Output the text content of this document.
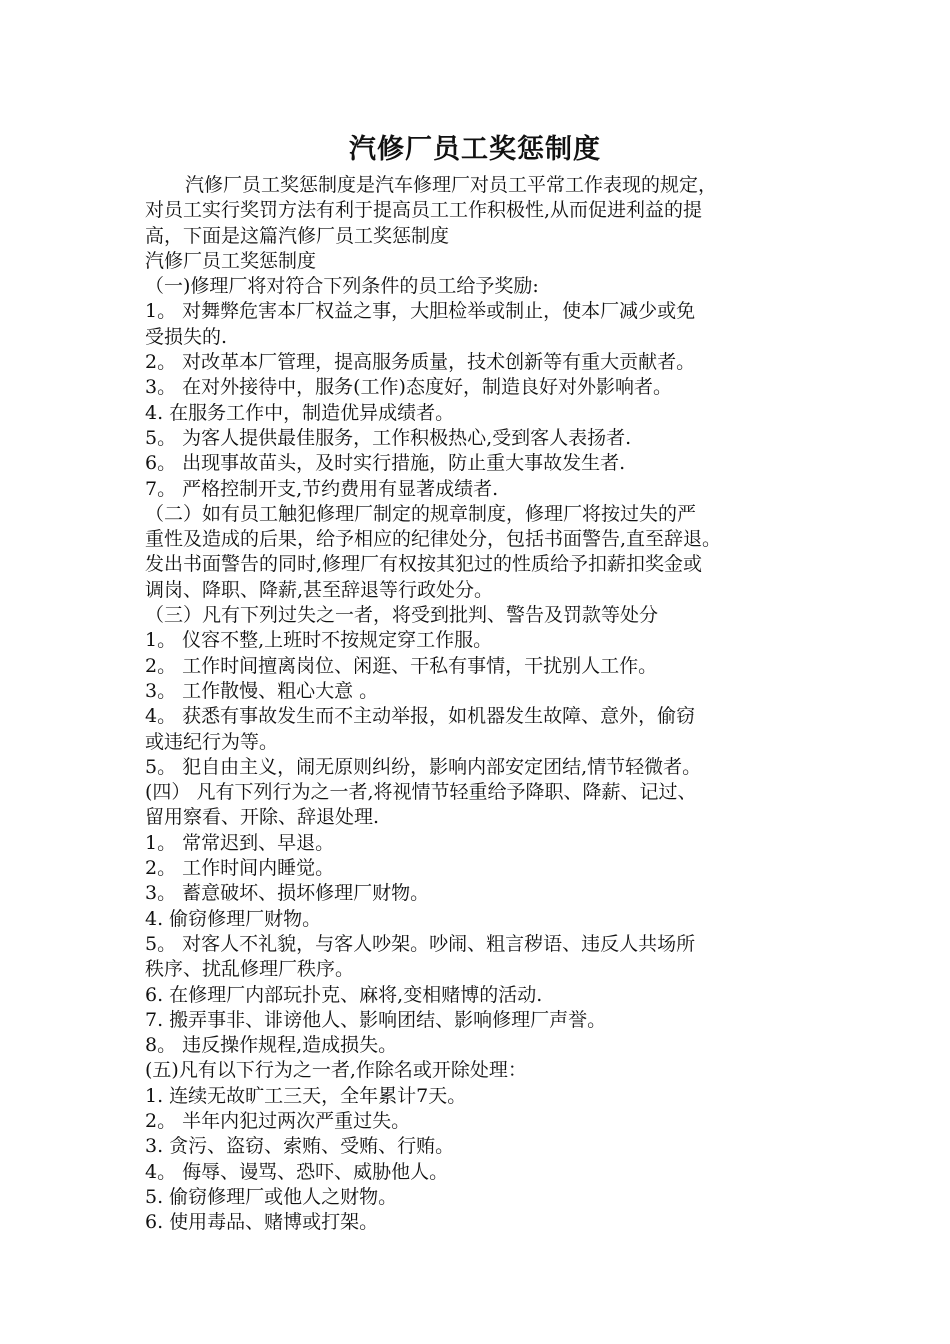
汽修厂员工奖惩制度
汽修厂员工奖惩制度是汽车修理厂对员工平常工作表现的规定，
对员工实行奖罚方法有利于提高员工工作积极性,从而促进利益的提
高，下面是这篇汽修厂员工奖惩制度
汽修厂员工奖惩制度
（一)修理厂将对符合下列条件的员工给予奖励:
1。 对舞弊危害本厂权益之事，大胆检举或制止，使本厂减少或免
受损失的.
2。 对改革本厂管理，提高服务质量，技术创新等有重大贡献者。
3。 在对外接待中，服务(工作)态度好，制造良好对外影响者。
4. 在服务工作中，制造优异成绩者。
5。 为客人提供最佳服务，工作积极热心,受到客人表扬者.
6。 出现事故苗头，及时实行措施，防止重大事故发生者.
7。 严格控制开支,节约费用有显著成绩者.
（二）如有员工触犯修理厂制定的规章制度，修理厂将按过失的严
重性及造成的后果，给予相应的纪律处分，包括书面警告,直至辞退。
发出书面警告的同时,修理厂有权按其犯过的性质给予扣薪扣奖金或
调岗、降职、降薪,甚至辞退等行政处分。
（三）凡有下列过失之一者，将受到批判、警告及罚款等处分
1。 仪容不整,上班时不按规定穿工作服。
2。 工作时间擅离岗位、闲逛、干私有事情，干扰别人工作。
3。 工作散慢、粗心大意 。
4。 获悉有事故发生而不主动举报，如机器发生故障、意外，偷窃
或违纪行为等。
5。 犯自由主义，闹无原则纠纷，影响内部安定团结,情节轻微者。
(四） 凡有下列行为之一者,将视情节轻重给予降职、降薪、记过、
留用察看、开除、辞退处理.
1。 常常迟到、早退。
2。 工作时间内睡觉。
3。 蓄意破坏、损坏修理厂财物。
4. 偷窃修理厂财物。
5。 对客人不礼貌，与客人吵架。吵闹、粗言秽语、违反人共场所
秩序、扰乱修理厂秩序。
6. 在修理厂内部玩扑克、麻将,变相赌博的活动.
7. 搬弄事非、诽谤他人、影响团结、影响修理厂声誉。
8。 违反操作规程,造成损失。
(五)凡有以下行为之一者,作除名或开除处理：
1. 连续无故旷工三天，全年累计7天。
2。 半年内犯过两次严重过失。
3. 贪污、盗窃、索贿、受贿、行贿。
4。 侮辱、谩骂、恐吓、威胁他人。
5. 偷窃修理厂或他人之财物。
6. 使用毒品、赌博或打架。
